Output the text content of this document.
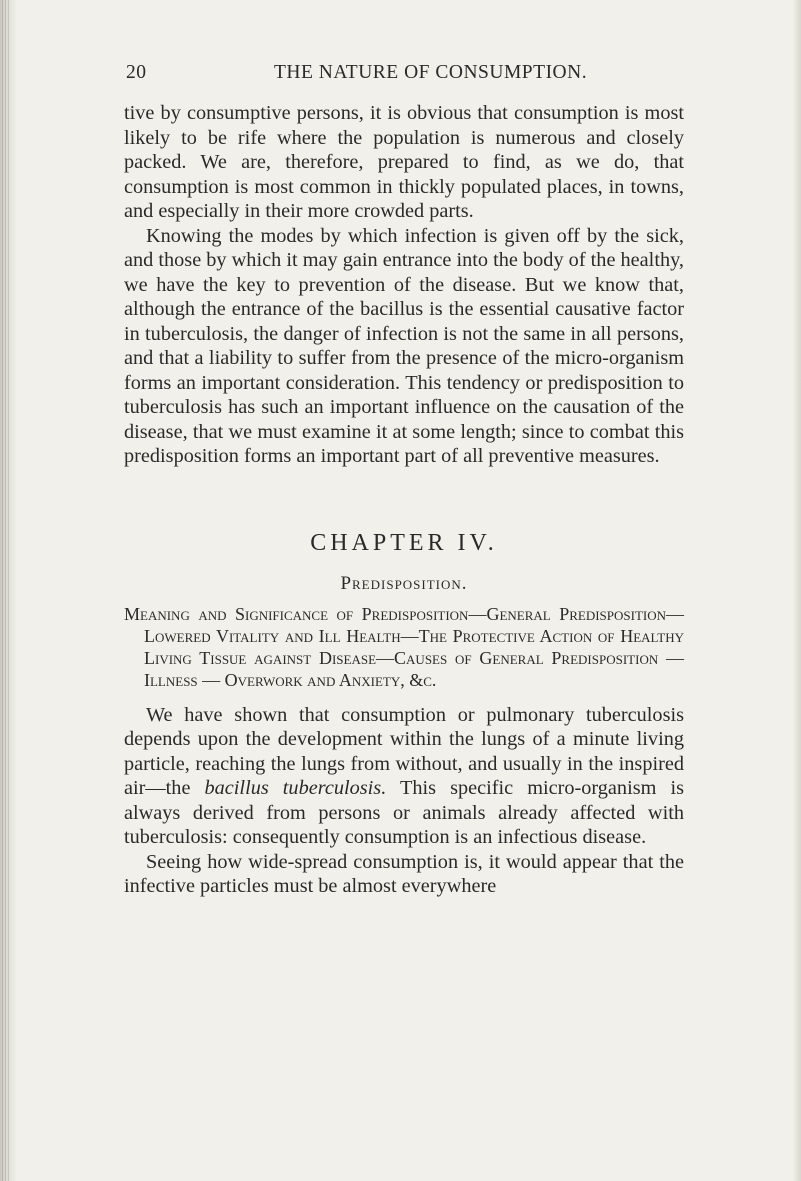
20	THE NATURE OF CONSUMPTION.

tive by consumptive persons, it is obvious that consumption is most likely to be rife where the population is numerous and closely packed. We are, therefore, prepared to find, as we do, that consumption is most common in thickly populated places, in towns, and especially in their more crowded parts.

Knowing the modes by which infection is given off by the sick, and those by which it may gain entrance into the body of the healthy, we have the key to prevention of the disease. But we know that, although the entrance of the bacillus is the essential causative factor in tuberculosis, the danger of infection is not the same in all persons, and that a liability to suffer from the presence of the micro-organism forms an important consideration. This tendency or predisposition to tuberculosis has such an important influence on the causation of the disease, that we must examine it at some length; since to combat this predisposition forms an important part of all preventive measures.

CHAPTER IV.
Predisposition.

Meaning and Significance of Predisposition—General Predisposition—Lowered Vitality and Ill Health—The Protective Action of Healthy Living Tissue against Disease—Causes of General Predisposition — Illness — Overwork and Anxiety, &c.

We have shown that consumption or pulmonary tuberculosis depends upon the development within the lungs of a minute living particle, reaching the lungs from without, and usually in the inspired air—the bacillus tuberculosis. This specific micro-organism is always derived from persons or animals already affected with tuberculosis: consequently consumption is an infectious disease.

Seeing how wide-spread consumption is, it would appear that the infective particles must be almost everywhere
